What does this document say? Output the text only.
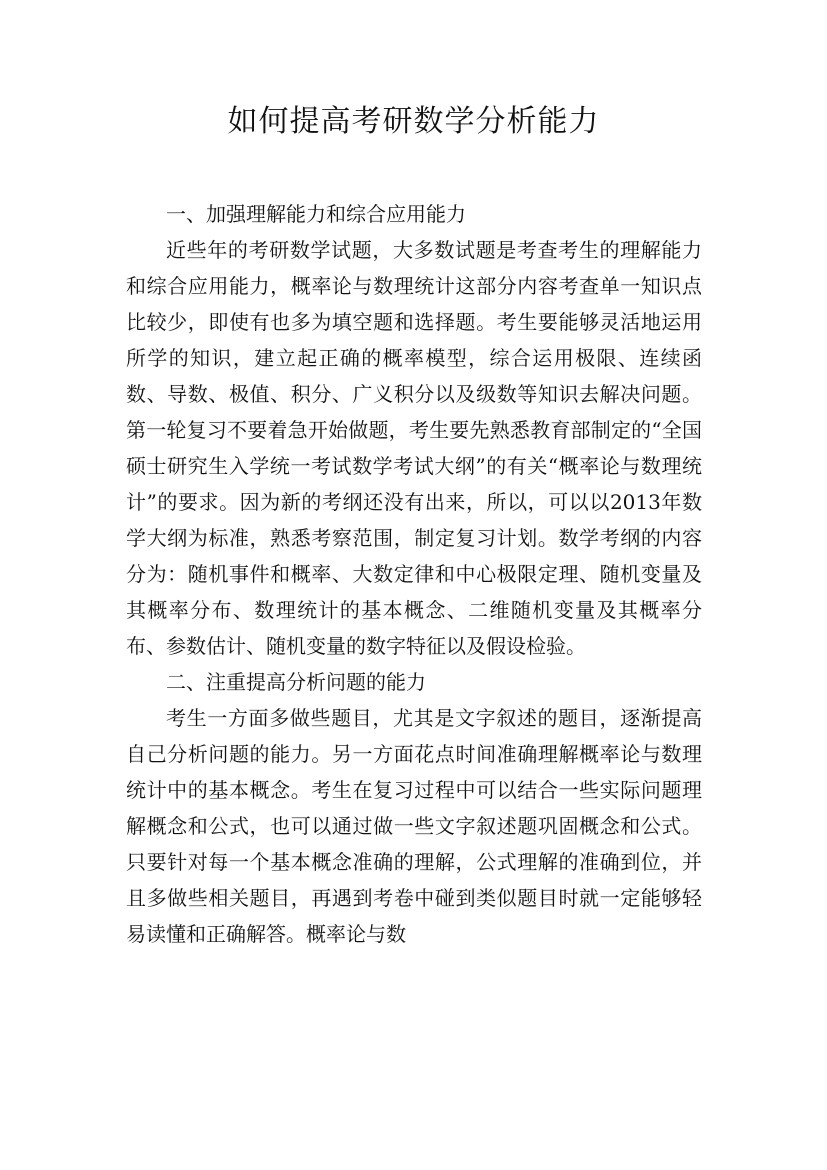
如何提高考研数学分析能力

一、加强理解能力和综合应用能力

近些年的考研数学试题，大多数试题是考查考生的理解能力和综合应用能力，概率论与数理统计这部分内容考查单一知识点比较少，即使有也多为填空题和选择题。考生要能够灵活地运用所学的知识，建立起正确的概率模型，综合运用极限、连续函数、导数、极值、积分、广义积分以及级数等知识去解决问题。第一轮复习不要着急开始做题，考生要先熟悉教育部制定的“全国硕士研究生入学统一考试数学考试大纲”的有关“概率论与数理统计”的要求。因为新的考纲还没有出来，所以，可以以2013年数学大纲为标准，熟悉考察范围，制定复习计划。数学考纲的内容分为：随机事件和概率、大数定律和中心极限定理、随机变量及其概率分布、数理统计的基本概念、二维随机变量及其概率分布、参数估计、随机变量的数字特征以及假设检验。

二、注重提高分析问题的能力

考生一方面多做些题目，尤其是文字叙述的题目，逐渐提高自己分析问题的能力。另一方面花点时间准确理解概率论与数理统计中的基本概念。考生在复习过程中可以结合一些实际问题理解概念和公式，也可以通过做一些文字叙述题巩固概念和公式。只要针对每一个基本概念准确的理解，公式理解的准确到位，并且多做些相关题目，再遇到考卷中碰到类似题目时就一定能够轻易读懂和正确解答。概率论与数
